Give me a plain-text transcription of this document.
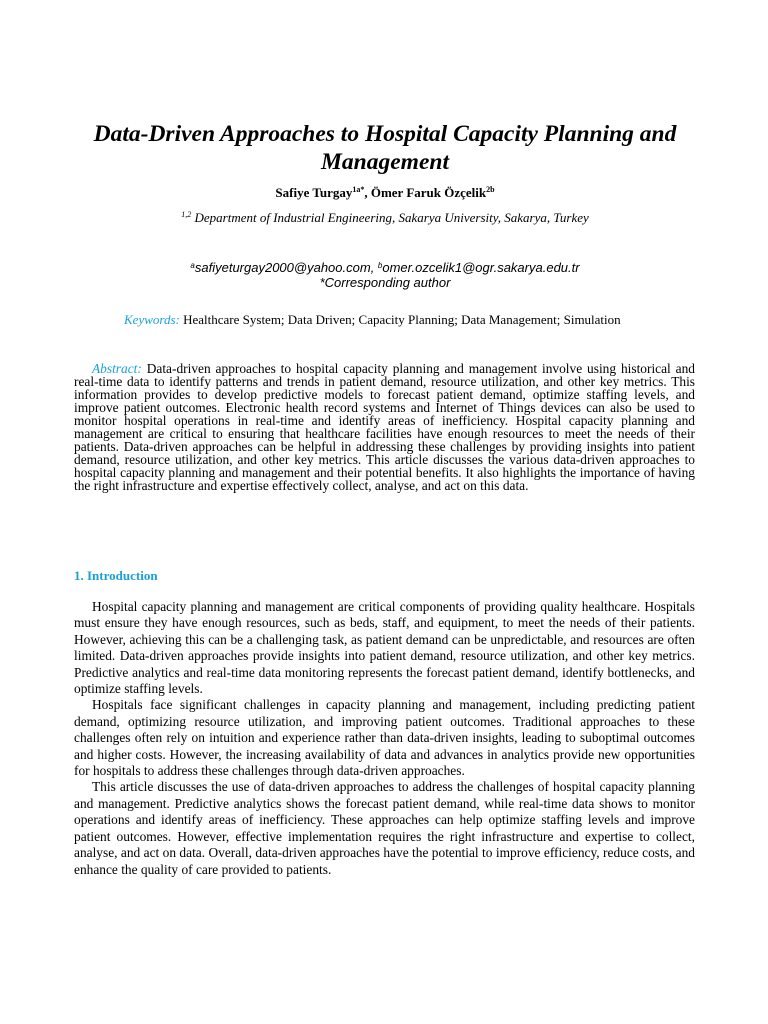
Data-Driven Approaches to Hospital Capacity Planning and Management
Safiye Turgay$^{1a*}$, Ömer Faruk Özçelik$^{2b}$
$^{1,2}$ Department of Industrial Engineering, Sakarya University, Sakarya, Turkey
$^a$safiyeturgay2000@yahoo.com, $^b$omer.ozcelik1@ogr.sakarya.edu.tr
*Corresponding author
Keywords: Healthcare System; Data Driven; Capacity Planning; Data Management; Simulation
Abstract: Data-driven approaches to hospital capacity planning and management involve using historical and real-time data to identify patterns and trends in patient demand, resource utilization, and other key metrics. This information provides to develop predictive models to forecast patient demand, optimize staffing levels, and improve patient outcomes. Electronic health record systems and Internet of Things devices can also be used to monitor hospital operations in real-time and identify areas of inefficiency. Hospital capacity planning and management are critical to ensuring that healthcare facilities have enough resources to meet the needs of their patients. Data-driven approaches can be helpful in addressing these challenges by providing insights into patient demand, resource utilization, and other key metrics. This article discusses the various data-driven approaches to hospital capacity planning and management and their potential benefits. It also highlights the importance of having the right infrastructure and expertise effectively collect, analyse, and act on this data.
1. Introduction

Hospital capacity planning and management are critical components of providing quality healthcare. Hospitals must ensure they have enough resources, such as beds, staff, and equipment, to meet the needs of their patients. However, achieving this can be a challenging task, as patient demand can be unpredictable, and resources are often limited. Data-driven approaches provide insights into patient demand, resource utilization, and other key metrics. Predictive analytics and real-time data monitoring represents the forecast patient demand, identify bottlenecks, and optimize staffing levels.

Hospitals face significant challenges in capacity planning and management, including predicting patient demand, optimizing resource utilization, and improving patient outcomes. Traditional approaches to these challenges often rely on intuition and experience rather than data-driven insights, leading to suboptimal outcomes and higher costs. However, the increasing availability of data and advances in analytics provide new opportunities for hospitals to address these challenges through data-driven approaches.

This article discusses the use of data-driven approaches to address the challenges of hospital capacity planning and management. Predictive analytics shows the forecast patient demand, while real-time data shows to monitor operations and identify areas of inefficiency. These approaches can help optimize staffing levels and improve patient outcomes. However, effective implementation requires the right infrastructure and expertise to collect, analyse, and act on data. Overall, data-driven approaches have the potential to improve efficiency, reduce costs, and enhance the quality of care provided to patients.
